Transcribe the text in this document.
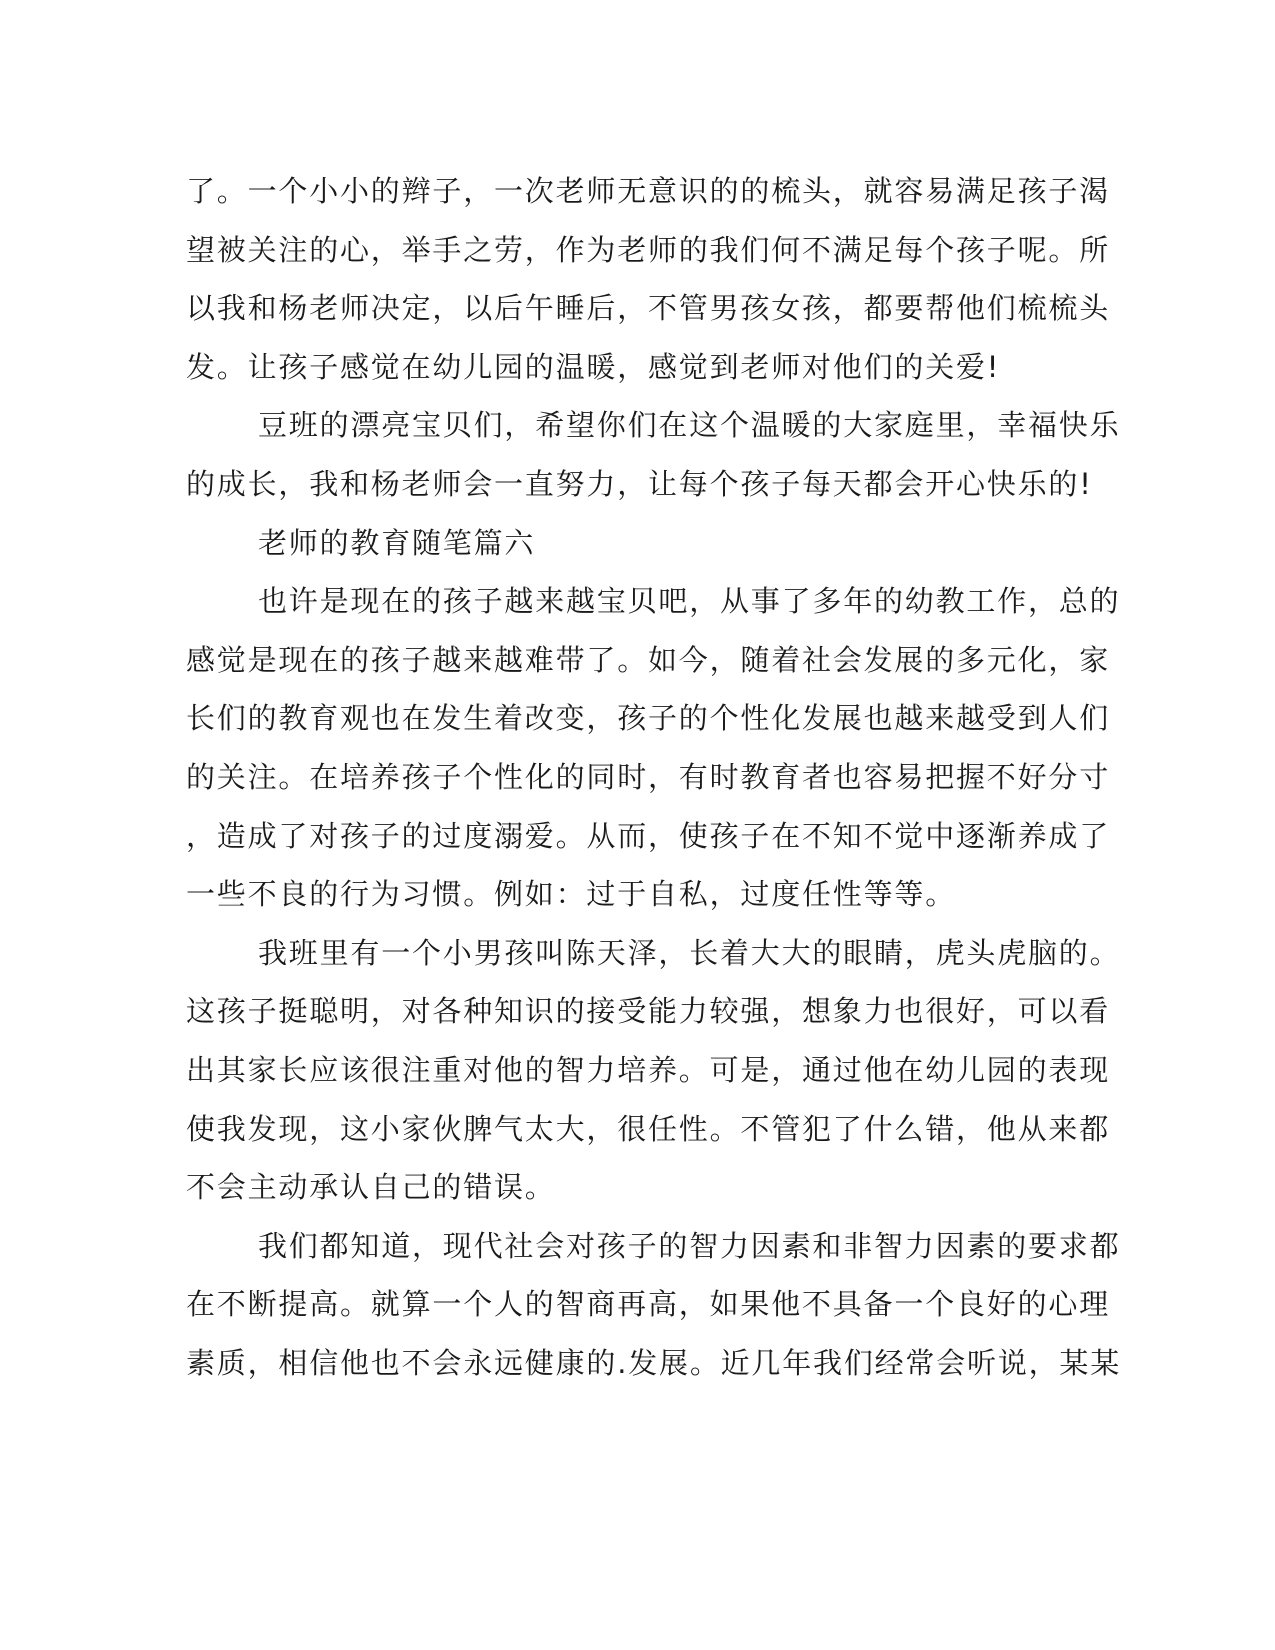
了。一个小小的辫子，一次老师无意识的的梳头，就容易满足孩子渴

望被关注的心，举手之劳，作为老师的我们何不满足每个孩子呢。所

以我和杨老师决定，以后午睡后，不管男孩女孩，都要帮他们梳梳头

发。让孩子感觉在幼儿园的温暖，感觉到老师对他们的关爱!

豆班的漂亮宝贝们，希望你们在这个温暖的大家庭里，幸福快乐

的成长，我和杨老师会一直努力，让每个孩子每天都会开心快乐的!

老师的教育随笔篇六

也许是现在的孩子越来越宝贝吧，从事了多年的幼教工作，总的

感觉是现在的孩子越来越难带了。如今，随着社会发展的多元化，家

长们的教育观也在发生着改变，孩子的个性化发展也越来越受到人们

的关注。在培养孩子个性化的同时，有时教育者也容易把握不好分寸

，造成了对孩子的过度溺爱。从而，使孩子在不知不觉中逐渐养成了

一些不良的行为习惯。例如：过于自私，过度任性等等。

我班里有一个小男孩叫陈天泽，长着大大的眼睛，虎头虎脑的。

这孩子挺聪明，对各种知识的接受能力较强，想象力也很好，可以看

出其家长应该很注重对他的智力培养。可是，通过他在幼儿园的表现

使我发现，这小家伙脾气太大，很任性。不管犯了什么错，他从来都

不会主动承认自己的错误。

我们都知道，现代社会对孩子的智力因素和非智力因素的要求都

在不断提高。就算一个人的智商再高，如果他不具备一个良好的心理

素质，相信他也不会永远健康的.发展。近几年我们经常会听说，某某
